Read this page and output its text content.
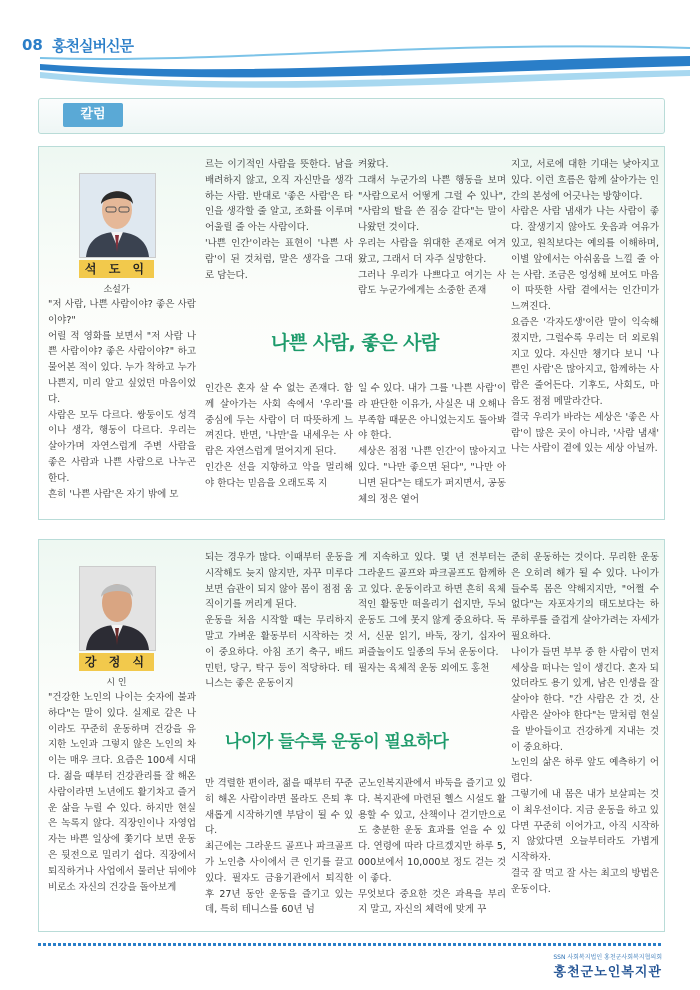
08 홍천실버신문
칼럼
석 도 익
소설가

"저 사람, 나쁜 사람이야? 좋은 사람이야?"
어릴 적 영화를 보면서 "저 사람 나쁜 사람이야? 좋은 사람이야?" 하고 물어본 적이 있다. 누가 착하고 누가 나쁜지, 미리 알고 싶었던 마음이었다.
사람은 모두 다르다. 쌍둥이도 성격이나 생각, 행동이 다르다. 우리는 살아가며 자연스럽게 주변 사람을 좋은 사람과 나쁜 사람으로 나누곤 한다.
흔히 '나쁜 사람'은 자기 밖에 모

르는 이기적인 사람을 뜻한다. 남을 배려하지 않고, 오직 자신만을 생각하는 사람. 반대로 '좋은 사람'은 타인을 생각할 줄 알고, 조화를 이루며 어울릴 줄 아는 사람이다.
'나쁜 인간'이라는 표현이 '나쁜 사람'이 된 것처럼, 말은 생각을 그대로 담는다.

켜왔다.
그래서 누군가의 나쁜 행동을 보며 "사람으로서 어떻게 그럴 수 있나", "사람의 탈을 쓴 짐승 같다"는 말이 나왔던 것이다.
우리는 사람을 위대한 존재로 여겨왔고, 그래서 더 자주 실망한다.
그러나 우리가 나쁘다고 여기는 사람도 누군가에게는 소중한 존재

나쁜 사람, 좋은 사람

인간은 혼자 살 수 없는 존재다. 함께 살아가는 사회 속에서 '우리'를 중심에 두는 사람이 더 따뜻하게 느껴진다. 반면, '나만'을 내세우는 사람은 자연스럽게 멀어지게 된다.
인간은 선을 지향하고 악을 멀리해야 한다는 믿음을 오래도록 지

일 수 있다. 내가 그를 '나쁜 사람'이라 판단한 이유가, 사실은 내 오해나 부족함 때문은 아니었는지도 돌아봐야 한다.
세상은 점점 '나쁜 인간'이 많아지고 있다. "나만 좋으면 된다", "나만 아니면 된다"는 태도가 퍼지면서, 공동체의 정은 옅어

지고, 서로에 대한 기대는 낮아지고 있다. 이런 흐름은 함께 살아가는 인간의 본성에 어긋나는 방향이다.
사람은 사람 냄새가 나는 사람이 좋다. 잘생기지 않아도 웃음과 여유가 있고, 원칙보다는 예의를 이해하며, 이별 앞에서는 아쉬움을 느낄 줄 아는 사람. 조금은 엉성해 보여도 마음이 따뜻한 사람 곁에서는 인간미가 느껴진다.
요즘은 '각자도생'이란 말이 익숙해졌지만, 그럴수록 우리는 더 외로워지고 있다. 자신만 챙기다 보니 '나쁜인 사람'은 많아지고, 함께하는 사람은 줄어든다. 기후도, 사회도, 마음도 점점 메말라간다.
결국 우리가 바라는 세상은 '좋은 사람'이 많은 곳이 아니라, '사람 냄새' 나는 사람이 곁에 있는 세상 아닐까.

강 정 식
시 인

"건강한 노인의 나이는 숫자에 불과하다"는 말이 있다. 실제로 같은 나이라도 꾸준히 운동하며 건강을 유지한 노인과 그렇지 않은 노인의 차이는 매우 크다. 요즘은 100세 시대다. 젊을 때부터 건강관리를 잘 해온 사람이라면 노년에도 활기차고 즐거운 삶을 누릴 수 있다. 하지만 현실은 녹록지 않다. 직장인이나 자영업자는 바쁜 일상에 쫓기다 보면 운동은 뒷전으로 밀리기 쉽다. 직장에서 퇴직하거나 사업에서 물러난 뒤에야 비로소 자신의 건강을 돌아보게

되는 경우가 많다. 이때부터 운동을 시작해도 늦지 않지만, 자꾸 미루다 보면 습관이 되지 않아 몸이 점점 움직이기를 꺼리게 된다.
운동을 처음 시작할 때는 무리하지 말고 가벼운 활동부터 시작하는 것이 중요하다. 아침 조기 축구, 배드민턴, 당구, 탁구 등이 적당하다. 테니스는 좋은 운동이지

게 지속하고 있다. 몇 년 전부터는 그라운드 골프와 파크골프도 함께하고 있다. 운동이라고 하면 흔히 육체적인 활동만 떠올리기 쉽지만, 두뇌 운동도 그에 못지 않게 중요하다. 독서, 신문 읽기, 바둑, 장기, 십자어 퍼즐놀이도 일종의 두뇌 운동이다.
필자는 육체적 운동 외에도 홍천

나이가 들수록 운동이 필요하다

만 격렬한 편이라, 젊을 때부터 꾸준히 해온 사람이라면 몰라도 은퇴 후 새롭게 시작하기엔 부담이 될 수 있다.
최근에는 그라운드 골프나 파크골프가 노인층 사이에서 큰 인기를 끌고 있다. 필자도 금융기관에서 퇴직한 후 27년 동안 운동을 즐기고 있는데, 특히 테니스를 60년 넘

군노인복지관에서 바둑을 즐기고 있다. 복지관에 마련된 헬스 시설도 활용할 수 있고, 산책이나 걷기만으로도 충분한 운동 효과를 얻을 수 있다. 연령에 따라 다르겠지만 하루 5,000보에서 10,000보 정도 걷는 것이 좋다.
무엇보다 중요한 것은 과욕을 부리지 말고, 자신의 체력에 맞게 꾸

준히 운동하는 것이다. 무리한 운동은 오히려 해가 될 수 있다. 나이가 들수록 몸은 약해지지만, "어쩔 수 없다"는 자포자기의 태도보다는 하루하루를 즐겁게 살아가려는 자세가 필요하다.
나이가 들면 부부 중 한 사람이 먼저 세상을 떠나는 일이 생긴다. 혼자 되었더라도 용기 있게, 남은 인생을 잘 살아야 한다. "간 사람은 간 것, 산 사람은 살아야 한다"는 말처럼 현실을 받아들이고 건강하게 지내는 것이 중요하다.
노인의 삶은 하루 앞도 예측하기 어렵다.
그렇기에 내 몸은 내가 보살피는 것이 최우선이다. 지금 운동을 하고 있다면 꾸준히 이어가고, 아직 시작하지 않았다면 오늘부터라도 가볍게 시작하자.
결국 잘 먹고 잘 사는 최고의 방법은 운동이다.

SSN 사회복지법인 홍천군사회복지협의회
홍천군노인복지관
